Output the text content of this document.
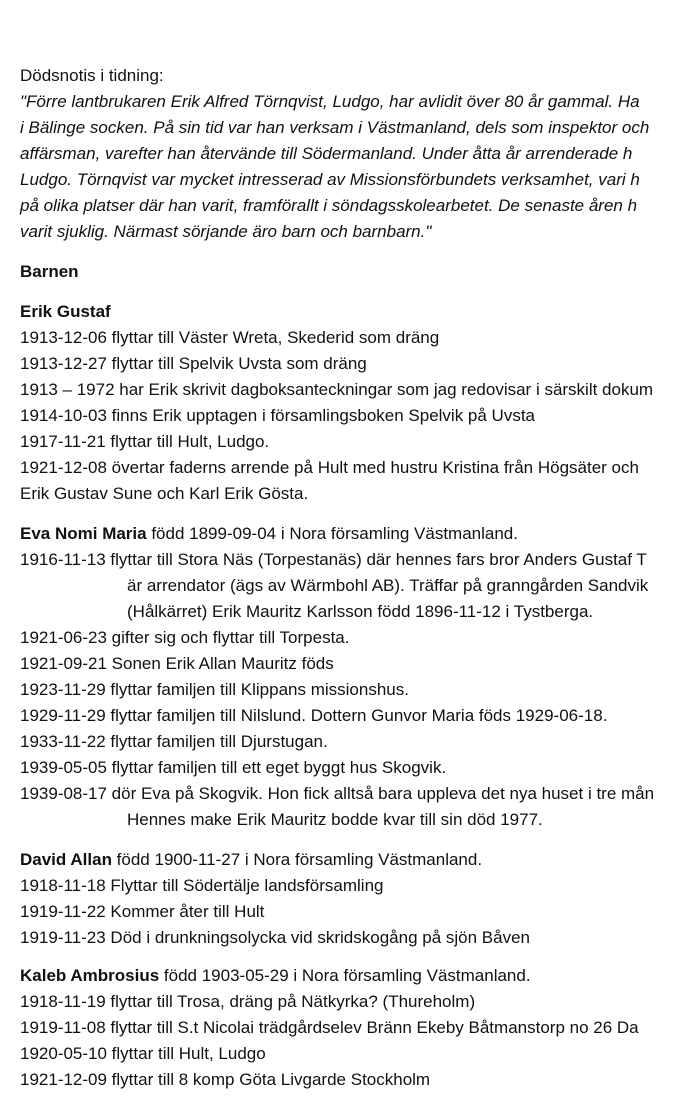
Dödsnotis i tidning:
"Förre lantbrukaren Erik Alfred Törnqvist, Ludgo, har avlidit över 80 år gammal. Ha
i Bälinge socken. På sin tid var han verksam i Västmanland, dels som inspektor och
affärsman, varefter han återvände till Södermanland. Under åtta år arrenderade h
Ludgo. Törnqvist var mycket intresserad av Missionsförbundets verksamhet, vari h
på olika platser där han varit, framförallt i söndagsskolearbetet. De senaste åren h
varit sjuklig. Närmast sörjande äro barn och barnbarn."
Barnen
Erik Gustaf
1913-12-06 flyttar till Väster Wreta, Skederid som dräng
1913-12-27 flyttar till Spelvik Uvsta som dräng
1913 – 1972 har Erik skrivit dagboksanteckningar som jag redovisar i särskilt dokum
1914-10-03 finns Erik upptagen i församlingsboken Spelvik på Uvsta
1917-11-21 flyttar till Hult, Ludgo.
1921-12-08 övertar faderns arrende på Hult med hustru Kristina från Högsäter och
Erik Gustav Sune och Karl Erik Gösta.
Eva Nomi Maria född 1899-09-04 i Nora församling Västmanland.
1916-11-13 flyttar till Stora Näs (Torpestanäs) där hennes fars bror Anders Gustaf T
är arrendator (ägs av Wärmbohl AB). Träffar på granngården Sandvik
(Hålkärret) Erik Mauritz Karlsson född 1896-11-12 i Tystberga.
1921-06-23 gifter sig och flyttar till Torpesta.
1921-09-21 Sonen Erik Allan Mauritz föds
1923-11-29 flyttar familjen till Klippans missionshus.
1929-11-29 flyttar familjen till Nilslund. Dottern Gunvor Maria föds 1929-06-18.
1933-11-22 flyttar familjen till Djurstugan.
1939-05-05 flyttar familjen till ett eget byggt hus Skogvik.
1939-08-17 dör Eva på Skogvik. Hon fick alltså bara uppleva det nya huset i tre mån
Hennes make Erik Mauritz bodde kvar till sin död 1977.
David Allan född 1900-11-27 i Nora församling Västmanland.
1918-11-18 Flyttar till Södertälje landsförsamling
1919-11-22 Kommer åter till Hult
1919-11-23 Död i drunkningsolycka vid skridskogång på sjön Båven
Kaleb Ambrosius född 1903-05-29 i Nora församling Västmanland.
1918-11-19 flyttar till Trosa, dräng på Nätkyrka? (Thureholm)
1919-11-08 flyttar till S.t Nicolai trädgårdselev Bränn Ekeby Båtmanstorp no 26 Da
1920-05-10 flyttar till Hult, Ludgo
1921-12-09 flyttar till 8 komp Göta Livgarde Stockholm
